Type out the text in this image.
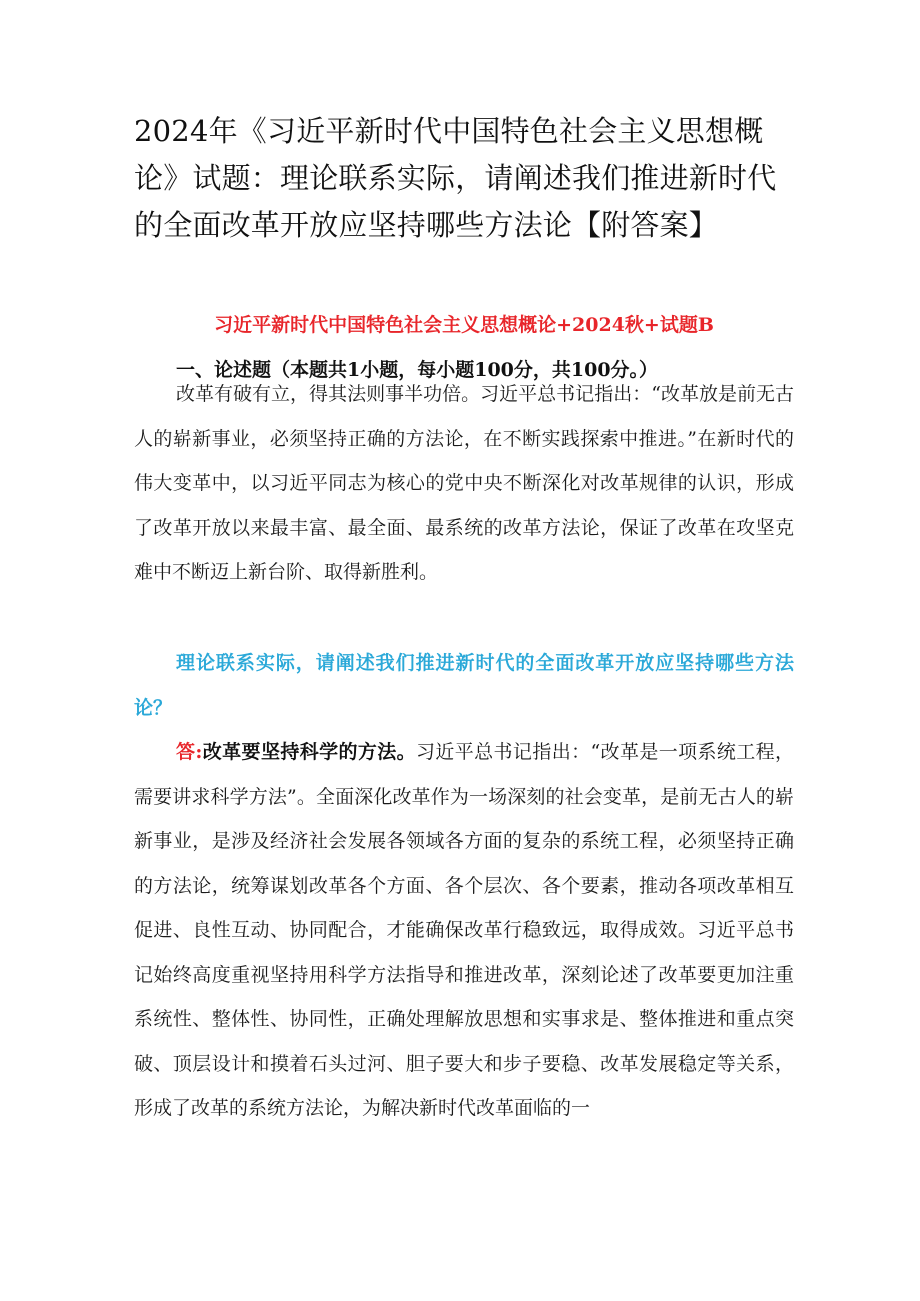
2024年《习近平新时代中国特色社会主义思想概论》试题：理论联系实际，请阐述我们推进新时代的全面改革开放应坚持哪些方法论【附答案】
习近平新时代中国特色社会主义思想概论+2024秋+试题B
一、论述题（本题共1小题，每小题100分，共100分。）

改革有破有立，得其法则事半功倍。习近平总书记指出：“改革放是前无古人的崭新事业，必须坚持正确的方法论，在不断实践探索中推进。”在新时代的伟大变革中，以习近平同志为核心的党中央不断深化对改革规律的认识，形成了改革开放以来最丰富、最全面、最系统的改革方法论，保证了改革在攻坚克难中不断迈上新台阶、取得新胜利。

理论联系实际，请阐述我们推进新时代的全面改革开放应坚持哪些方法论？

答:改革要坚持科学的方法。习近平总书记指出：“改革是一项系统工程，需要讲求科学方法”。全面深化改革作为一场深刻的社会变革，是前无古人的崭新事业，是涉及经济社会发展各领域各方面的复杂的系统工程，必须坚持正确的方法论，统筹谋划改革各个方面、各个层次、各个要素，推动各项改革相互促进、良性互动、协同配合，才能确保改革行稳致远，取得成效。习近平总书记始终高度重视坚持用科学方法指导和推进改革，深刻论述了改革要更加注重系统性、整体性、协同性，正确处理解放思想和实事求是、整体推进和重点突破、顶层设计和摸着石头过河、胆子要大和步子要稳、改革发展稳定等关系，形成了改革的系统方法论，为解决新时代改革面临的一
